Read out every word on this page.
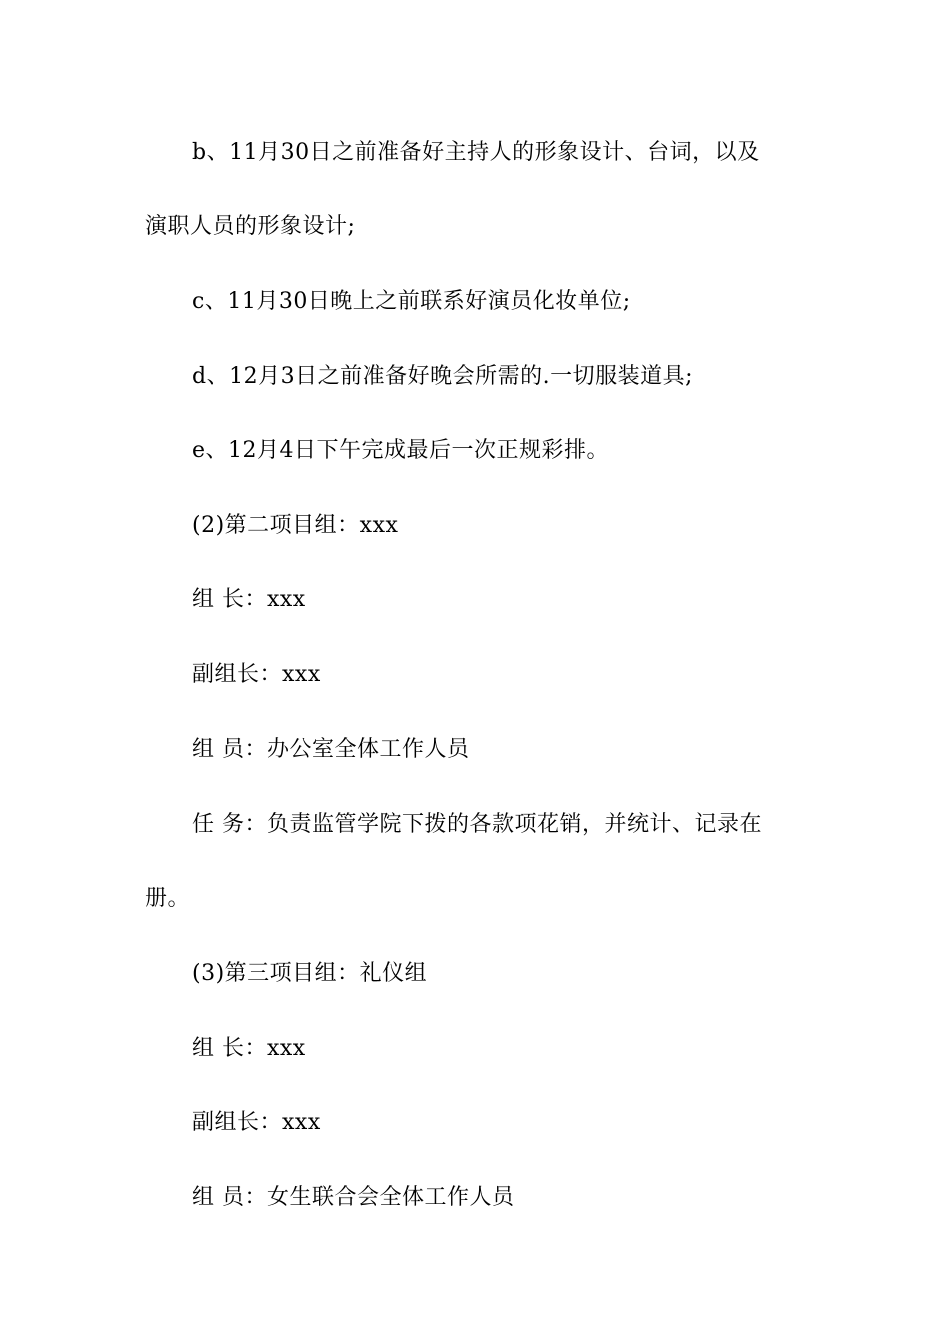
b、11月30日之前准备好主持人的形象设计、台词，以及
演职人员的形象设计;
c、11月30日晚上之前联系好演员化妆单位;
d、12月3日之前准备好晚会所需的.一切服装道具;
e、12月4日下午完成最后一次正规彩排。
(2)第二项目组：xxx
组 长：xxx
副组长：xxx
组 员：办公室全体工作人员
任 务：负责监管学院下拨的各款项花销，并统计、记录在
册。
(3)第三项目组：礼仪组
组 长：xxx
副组长：xxx
组 员：女生联合会全体工作人员
